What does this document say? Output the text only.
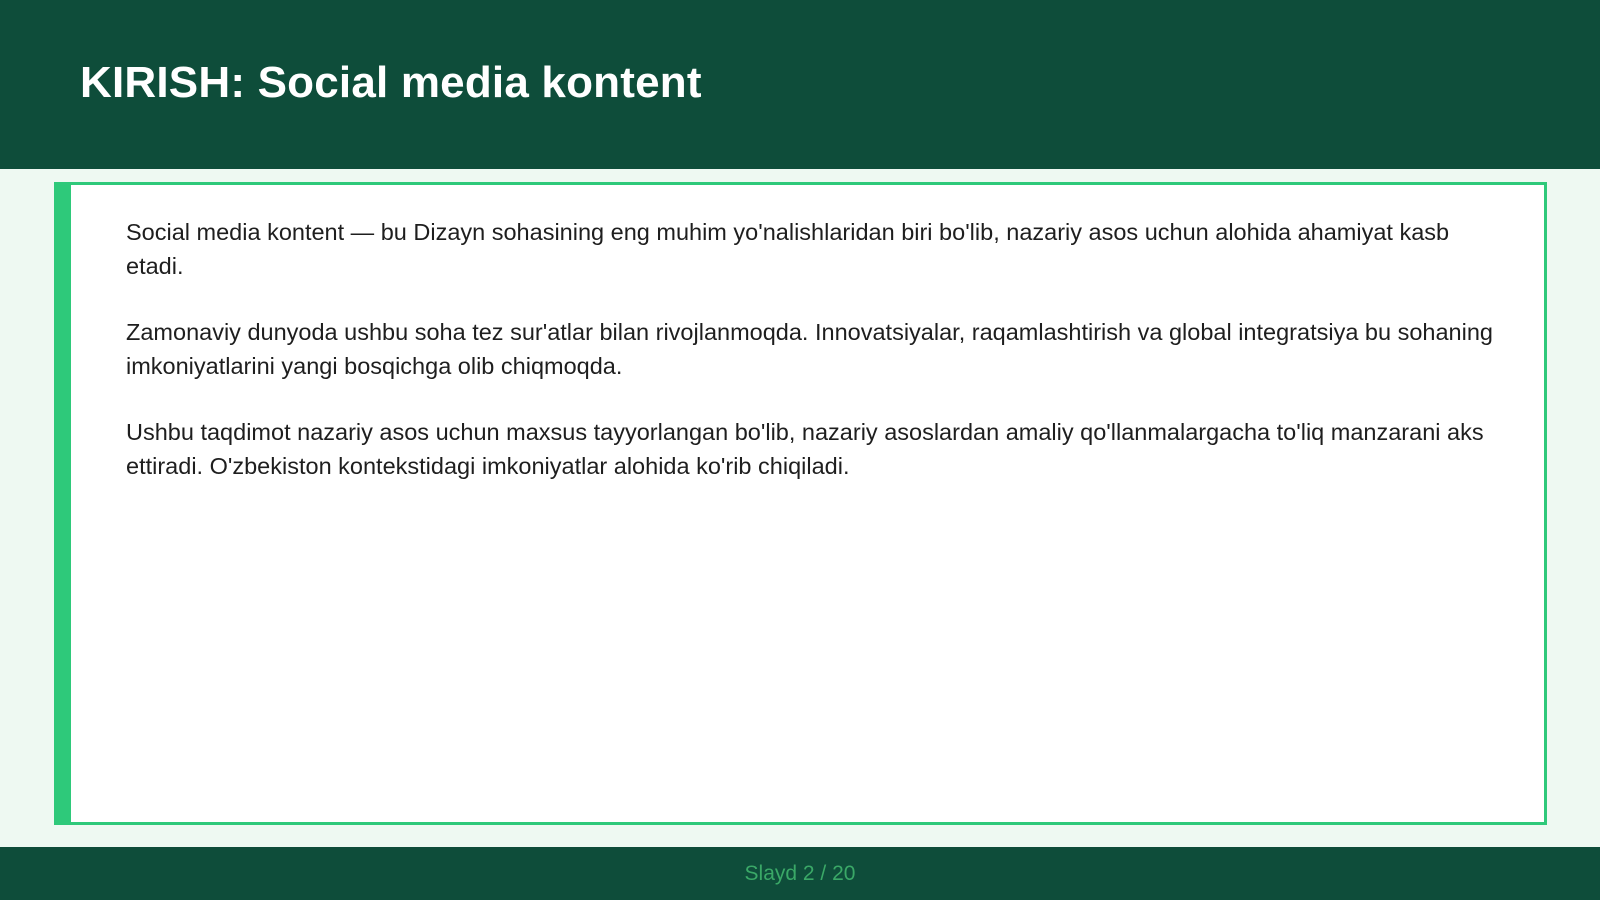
KIRISH: Social media kontent

Social media kontent — bu Dizayn sohasining eng muhim yo'nalishlaridan biri bo'lib, nazariy asos uchun alohida ahamiyat kasb etadi.

Zamonaviy dunyoda ushbu soha tez sur'atlar bilan rivojlanmoqda. Innovatsiyalar, raqamlashtirish va global integratsiya bu sohaning imkoniyatlarini yangi bosqichga olib chiqmoqda.

Ushbu taqdimot nazariy asos uchun maxsus tayyorlangan bo'lib, nazariy asoslardan amaliy qo'llanmalargacha to'liq manzarani aks ettiradi. O'zbekiston kontekstidagi imkoniyatlar alohida ko'rib chiqiladi.

Slayd 2 / 20
